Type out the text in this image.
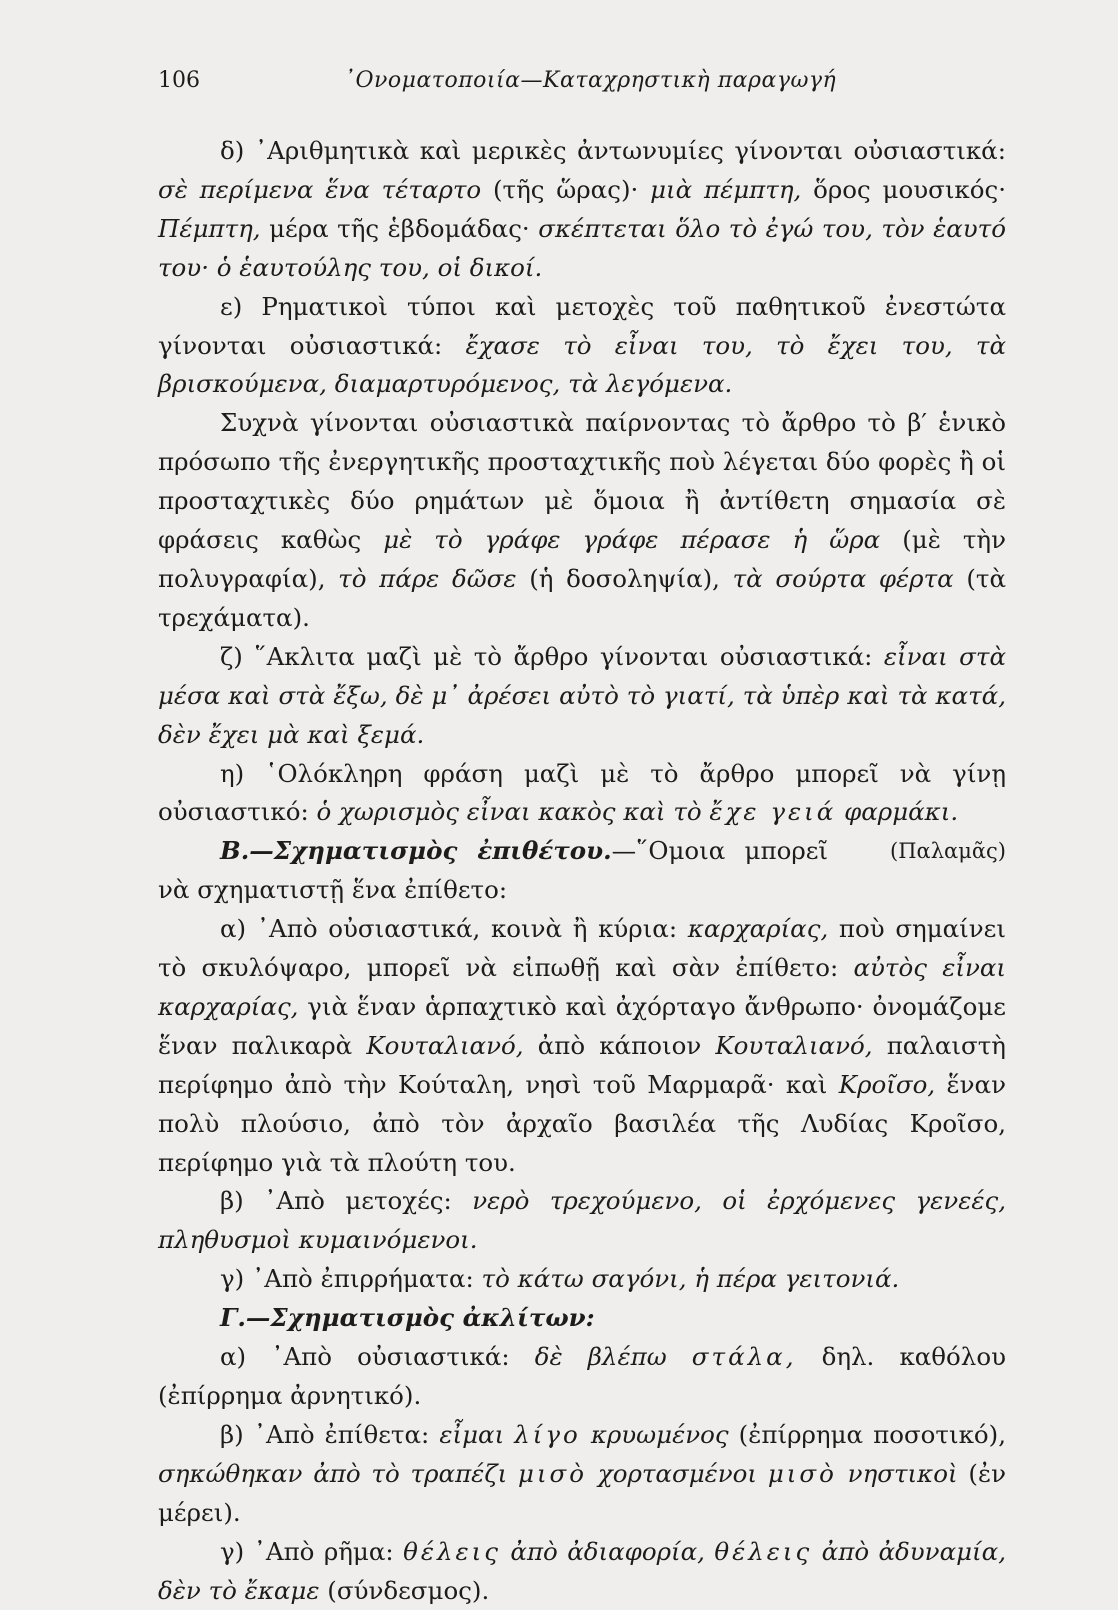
106	᾿Ονοματοποιία—Καταχρηστικὴ παραγωγή

δ) ᾿Αριθμητικὰ καὶ μερικὲς ἀντωνυμίες γίνονται οὐσιαστικά: σὲ περίμενα ἕνα τέταρτο (τῆς ὥρας)· μιὰ πέμπτη, ὅρος μουσικός· Πέμπτη, μέρα τῆς ἑβδομάδας· σκέπτεται ὅλο τὸ ἐγώ του, τὸν ἑαυτό του· ὁ ἑαυτούλης του, οἱ δικοί.

ε) Ρηματικοὶ τύποι καὶ μετοχὲς τοῦ παθητικοῦ ἐνεστώτα γίνονται οὐσιαστικά: ἔχασε τὸ εἶναι του, τὸ ἔχει του, τὰ βρισκούμενα, διαμαρτυρόμενος, τὰ λεγόμενα.

Συχνὰ γίνονται οὐσιαστικὰ παίρνοντας τὸ ἄρθρο τὸ β′ ἑνικὸ πρόσωπο τῆς ἐνεργητικῆς προσταχτικῆς ποὺ λέγεται δύο φορὲς ἢ οἱ προσταχτικὲς δύο ρημάτων μὲ ὅμοια ἢ ἀντίθετη σημασία σὲ φράσεις καθὼς μὲ τὸ γράφε γράφε πέρασε ἡ ὥρα (μὲ τὴν πολυγραφία), τὸ πάρε δῶσε (ἡ δοσοληψία), τὰ σούρτα φέρτα (τὰ τρεχάματα).

ζ) ῞Ακλιτα μαζὶ μὲ τὸ ἄρθρο γίνονται οὐσιαστικά: εἶναι στὰ μέσα καὶ στὰ ἔξω, δὲ μ᾿ ἀρέσει αὐτὸ τὸ γιατί, τὰ ὑπὲρ καὶ τὰ κατά, δὲν ἔχει μὰ καὶ ξεμά.

η) ῾Ολόκληρη φράση μαζὶ μὲ τὸ ἄρθρο μπορεῖ νὰ γίνῃ οὐσιαστικό: ὁ χωρισμὸς εἶναι κακὸς καὶ τὸ ἔχε γειά φαρμάκι.
(Παλαμᾶς)

Β.—Σχηματισμὸς ἐπιθέτου.—῞Ομοια μπορεῖ νὰ σχηματιστῇ ἕνα ἐπίθετο:

α) ᾿Απὸ οὐσιαστικά, κοινὰ ἢ κύρια: καρχαρίας, ποὺ σημαίνει τὸ σκυλόψαρο, μπορεῖ νὰ εἰπωθῇ καὶ σὰν ἐπίθετο: αὐτὸς εἶναι καρχαρίας, γιὰ ἕναν ἁρπαχτικὸ καὶ ἀχόρταγο ἄνθρωπο· ὀνομάζομε ἕναν παλικαρὰ Κουταλιανό, ἀπὸ κάποιον Κουταλιανό, παλαιστὴ περίφημο ἀπὸ τὴν Κούταλη, νησὶ τοῦ Μαρμαρᾶ· καὶ Κροῖσο, ἕναν πολὺ πλούσιο, ἀπὸ τὸν ἀρχαῖο βασιλέα τῆς Λυδίας Κροῖσο, περίφημο γιὰ τὰ πλούτη του.

β) ᾿Απὸ μετοχές: νερὸ τρεχούμενο, οἱ ἐρχόμενες γενεές, πληθυσμοὶ κυμαινόμενοι.

γ) ᾿Απὸ ἐπιρρήματα: τὸ κάτω σαγόνι, ἡ πέρα γειτονιά.

Γ.—Σχηματισμὸς ἀκλίτων:

α) ᾿Απὸ οὐσιαστικά: δὲ βλέπω στάλα, δηλ. καθόλου (ἐπίρρημα ἀρνητικό).

β) ᾿Απὸ ἐπίθετα: εἶμαι λίγο κρυωμένος (ἐπίρρημα ποσοτικό), σηκώθηκαν ἀπὸ τὸ τραπέζι μισὸ χορτασμένοι μισὸ νηστικοὶ (ἐν μέρει).

γ) ᾿Απὸ ρῆμα: θέλεις ἀπὸ ἀδιαφορία, θέλεις ἀπὸ ἀδυναμία, δὲν τὸ ἔκαμε (σύνδεσμος).
